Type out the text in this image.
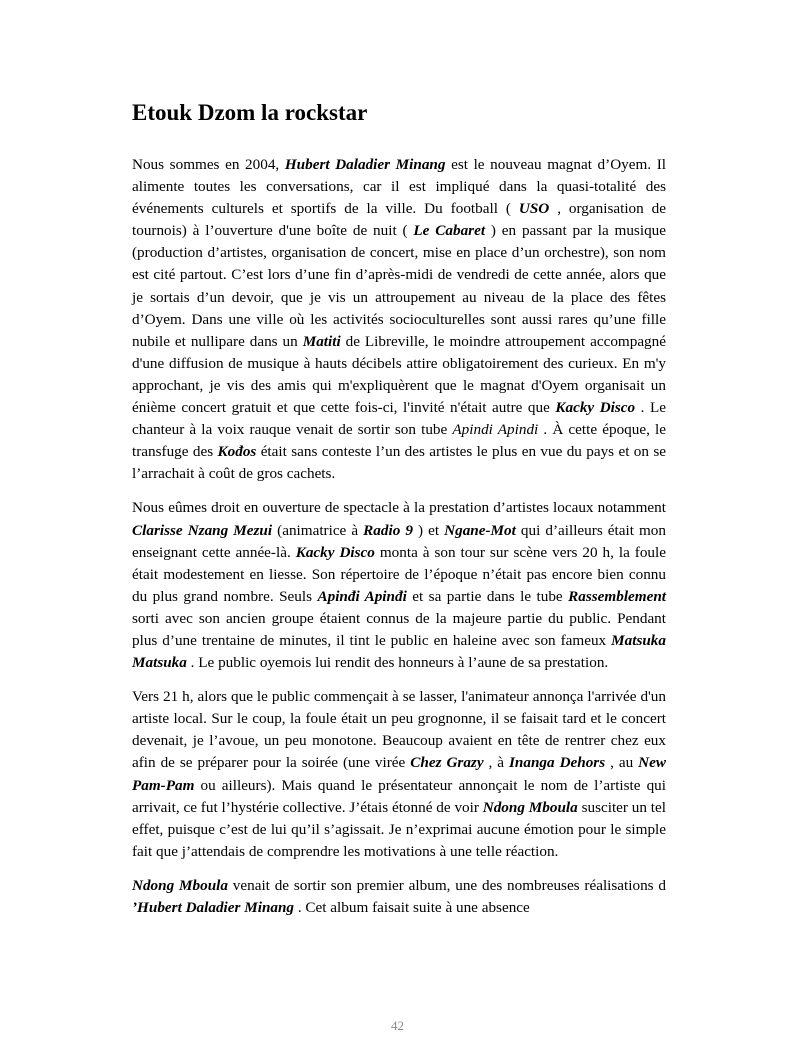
Etouk Dzom la rockstar

Nous sommes en 2004, Hubert Daladier Minang est le nouveau magnat d’Oyem. Il alimente toutes les conversations, car il est impliqué dans la quasi-totalité des événements culturels et sportifs de la ville. Du football ( USO , organisation de tournois) à l’ouverture d'une boîte de nuit ( Le Cabaret ) en passant par la musique (production d’artistes, organisation de concert, mise en place d’un orchestre), son nom est cité partout. C’est lors d’une fin d’après-midi de vendredi de cette année, alors que je sortais d’un devoir, que je vis un attroupement au niveau de la place des fêtes d’Oyem. Dans une ville où les activités socioculturelles sont aussi rares qu’une fille nubile et nullipare dans un Matiti de Libreville, le moindre attroupement accompagné d'une diffusion de musique à hauts décibels attire obligatoirement des curieux. En m'y approchant, je vis des amis qui m'expliquèrent que le magnat d'Oyem organisait un énième concert gratuit et que cette fois-ci, l'invité n'était autre que Kacky Disco . Le chanteur à la voix rauque venait de sortir son tube Apindi Apindi . À cette époque, le transfuge des Kođos était sans conteste l’un des artistes le plus en vue du pays et on se l’arrachait à coût de gros cachets.

Nous eûmes droit en ouverture de spectacle à la prestation d’artistes locaux notamment Clarisse Nzang Mezui (animatrice à Radio 9 ) et Ngane-Mot qui d’ailleurs était mon enseignant cette année-là. Kacky Disco monta à son tour sur scène vers 20 h, la foule était modestement en liesse. Son répertoire de l’époque n’était pas encore bien connu du plus grand nombre. Seuls Apinđi Apinđi et sa partie dans le tube Rassemblement sorti avec son ancien groupe étaient connus de la majeure partie du public. Pendant plus d’une trentaine de minutes, il tint le public en haleine avec son fameux Matsuka Matsuka . Le public oyemois lui rendit des honneurs à l’aune de sa prestation.

Vers 21 h, alors que le public commençait à se lasser, l'animateur annonça l'arrivée d'un artiste local. Sur le coup, la foule était un peu grognonne, il se faisait tard et le concert devenait, je l’avoue, un peu monotone. Beaucoup avaient en tête de rentrer chez eux afin de se préparer pour la soirée (une virée Chez Grazy , à Inanga Dehors , au New Pam-Pam ou ailleurs). Mais quand le présentateur annonçait le nom de l’artiste qui arrivait, ce fut l’hystérie collective. J’étais étonné de voir Ndong Mboula susciter un tel effet, puisque c’est de lui qu’il s’agissait. Je n’exprimai aucune émotion pour le simple fait que j’attendais de comprendre les motivations à une telle réaction.

Ndong Mboula venait de sortir son premier album, une des nombreuses réalisations d ’Hubert Daladier Minang . Cet album faisait suite à une absence

42
